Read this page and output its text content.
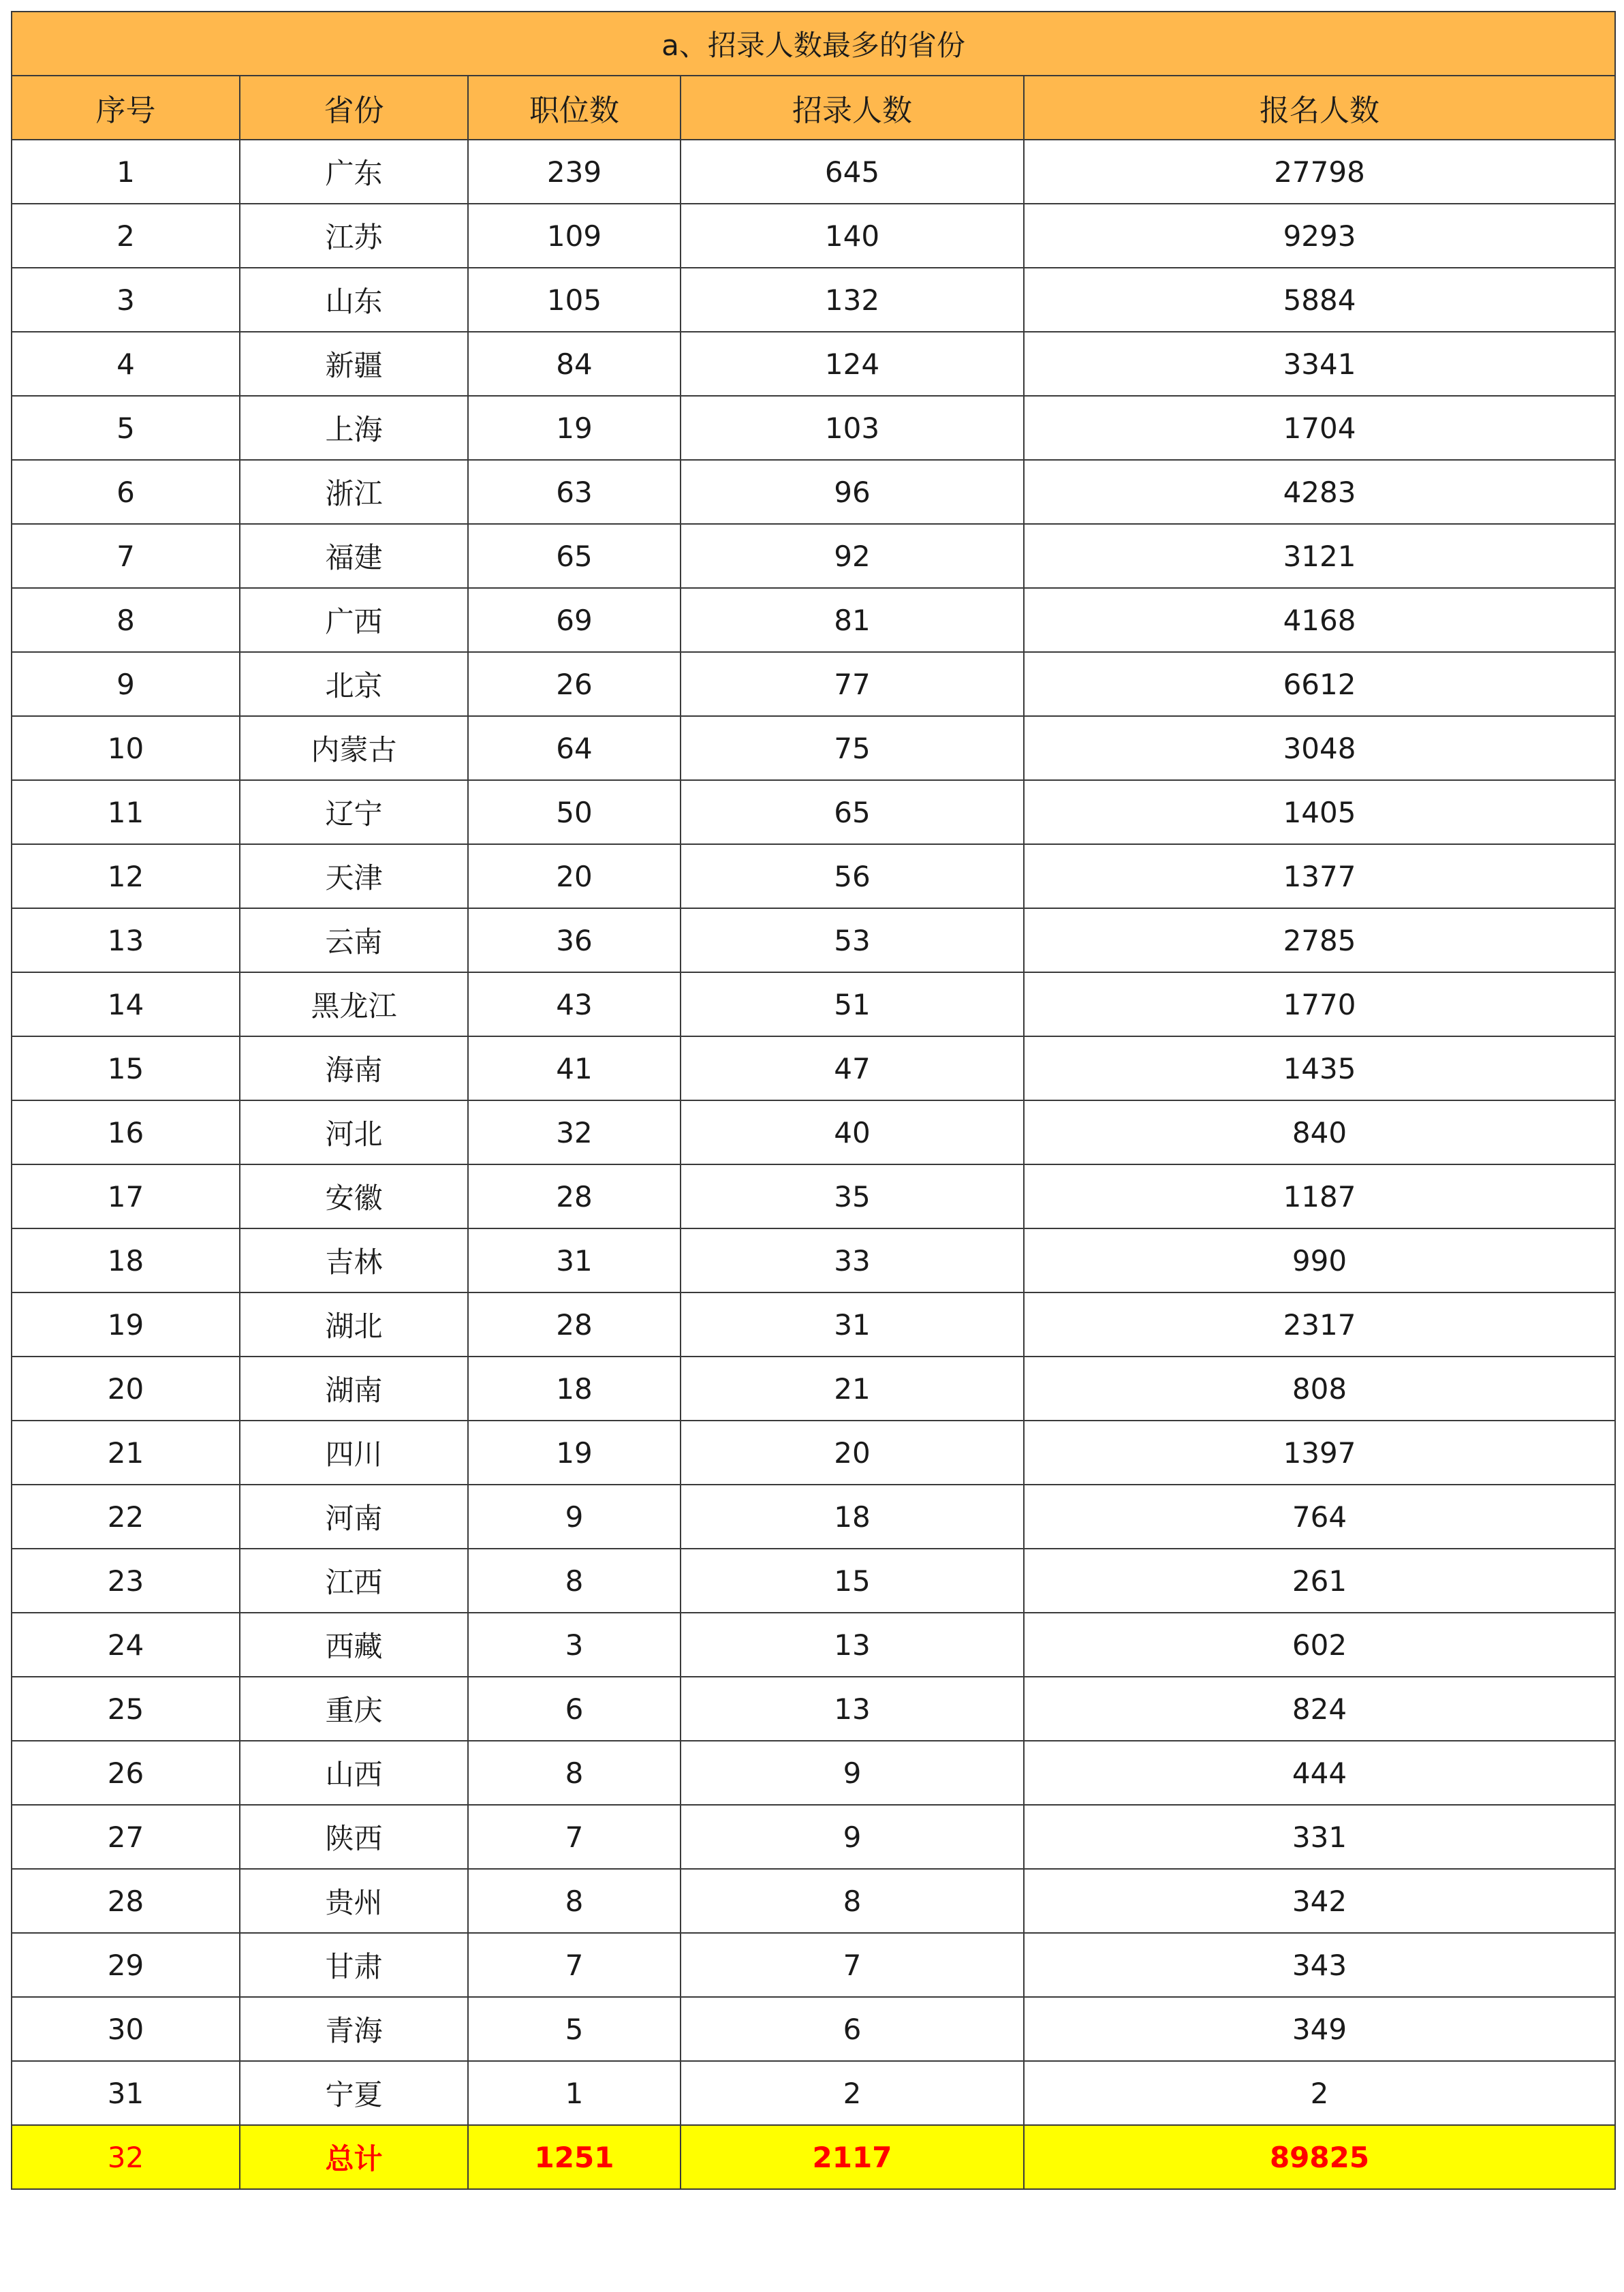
a、招录人数最多的省份				
序号	省份	职位数	招录人数	报名人数
1	广东	239	645	27798
2	江苏	109	140	9293
3	山东	105	132	5884
4	新疆	84	124	3341
5	上海	19	103	1704
6	浙江	63	96	4283
7	福建	65	92	3121
8	广西	69	81	4168
9	北京	26	77	6612
10	内蒙古	64	75	3048
11	辽宁	50	65	1405
12	天津	20	56	1377
13	云南	36	53	2785
14	黑龙江	43	51	1770
15	海南	41	47	1435
16	河北	32	40	840
17	安徽	28	35	1187
18	吉林	31	33	990
19	湖北	28	31	2317
20	湖南	18	21	808
21	四川	19	20	1397
22	河南	9	18	764
23	江西	8	15	261
24	西藏	3	13	602
25	重庆	6	13	824
26	山西	8	9	444
27	陕西	7	9	331
28	贵州	8	8	342
29	甘肃	7	7	343
30	青海	5	6	349
31	宁夏	1	2	2
32	总计	1251	2117	89825
